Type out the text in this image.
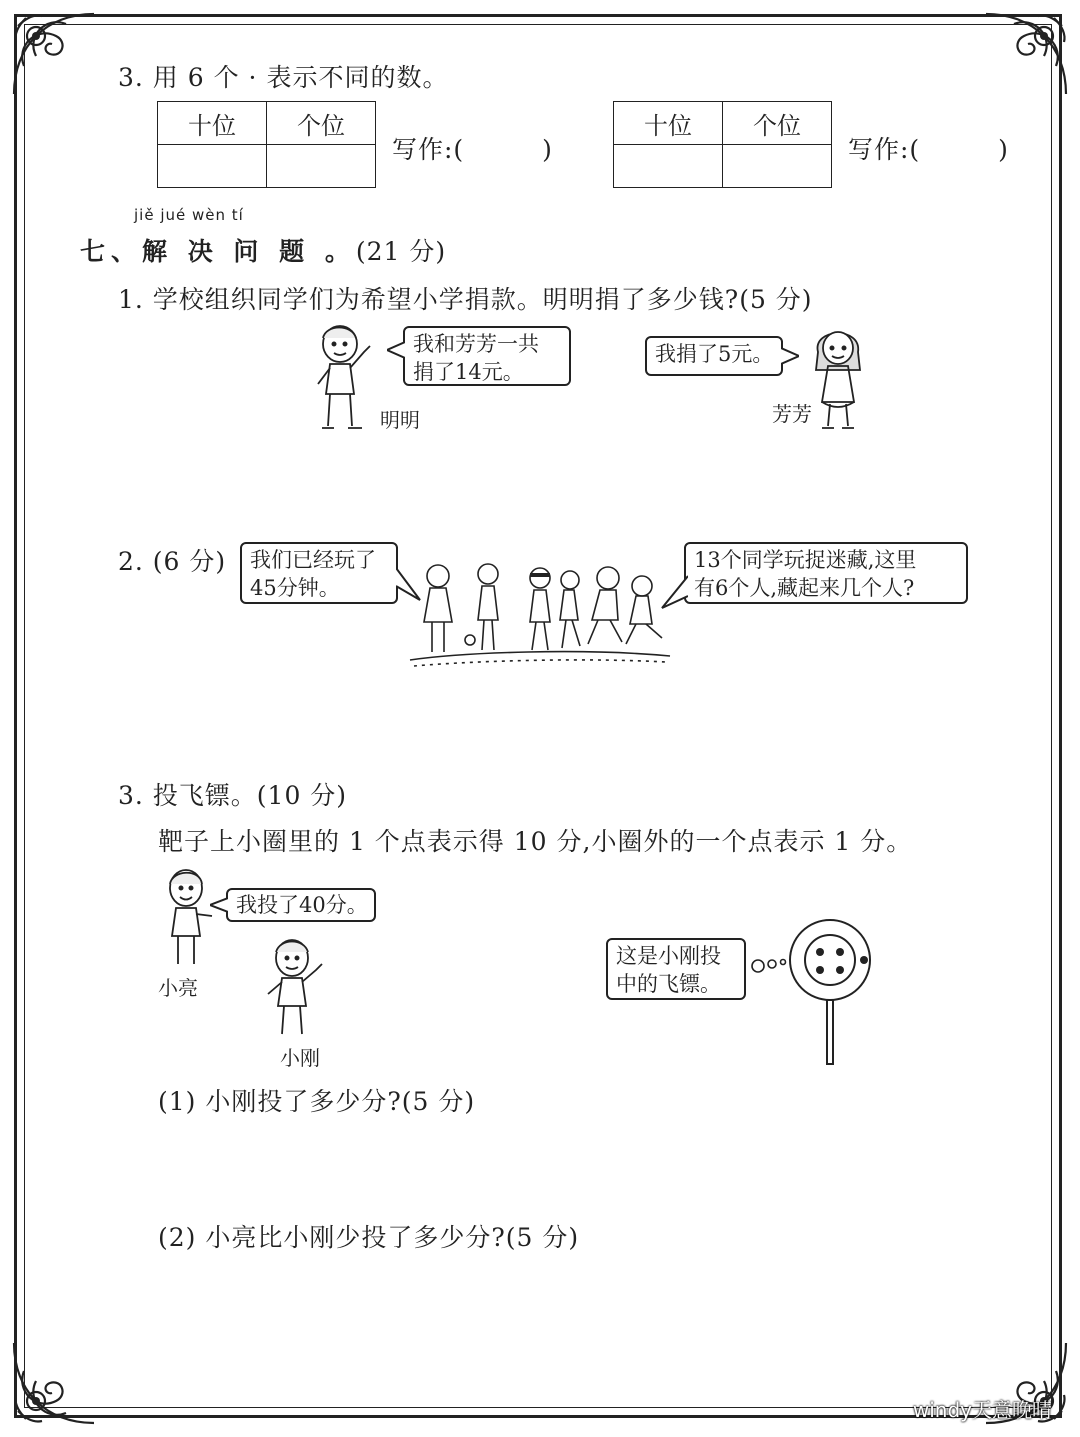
3. 用 6 个 · 表示不同的数。
十位	个位

写作:(　　　)
十位	个位

写作:(　　　)
jiě jué wèn tí
七、解 决 问 题 。(21 分)
1. 学校组织同学们为希望小学捐款。明明捐了多少钱?(5 分)
明明
我和芳芳一共
捐了14元。
我捐了5元。
芳芳
2. (6 分) 我们已经玩了
45分钟。
13个同学玩捉迷藏,这里
有6个人,藏起来几个人?
3. 投飞镖。(10 分)
靶子上小圈里的 1 个点表示得 10 分,小圈外的一个点表示 1 分。
小亮
我投了40分。
小刚
这是小刚投
中的飞镖。
(1) 小刚投了多少分?(5 分)
(2) 小亮比小刚少投了多少分?(5 分)
windy天意晚晴
